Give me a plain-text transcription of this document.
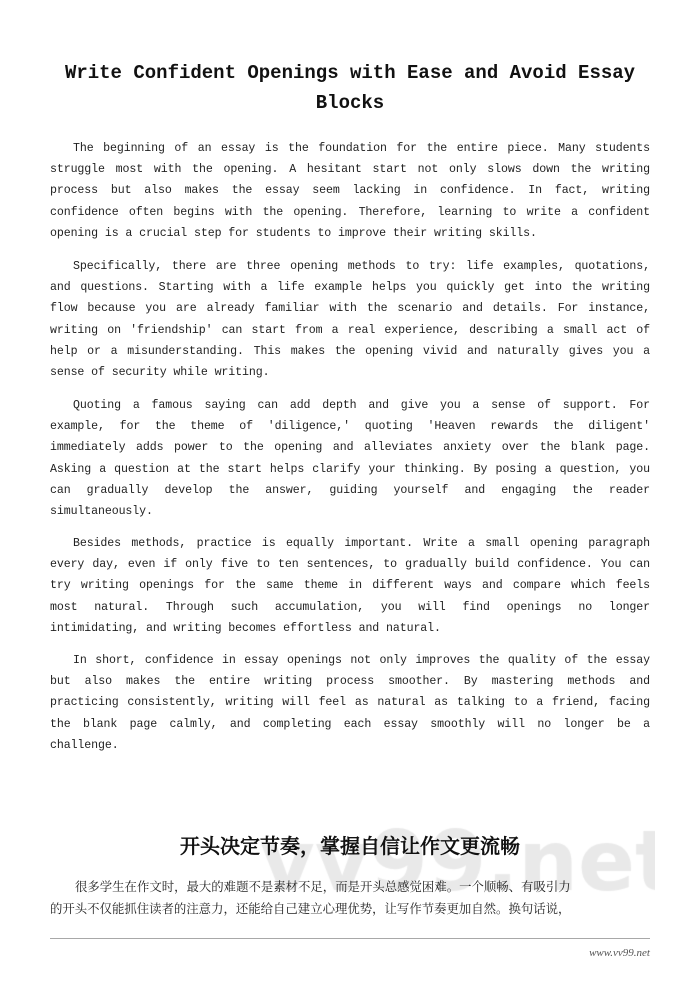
Write Confident Openings with Ease and Avoid Essay
Blocks
The beginning of an essay is the foundation for the entire piece. Many students
struggle most with the opening. A hesitant start not only slows down the writing
process but also makes the essay seem lacking in confidence. In fact, writing
confidence often begins with the opening. Therefore, learning to write a confident
opening is a crucial step for students to improve their writing skills.
Specifically, there are three opening methods to try: life examples, quotations,
and questions. Starting with a life example helps you quickly get into the writing
flow because you are already familiar with the scenario and details. For instance,
writing on 'friendship' can start from a real experience, describing a small act of
help or a misunderstanding. This makes the opening vivid and naturally gives you a
sense of security while writing.
Quoting a famous saying can add depth and give you a sense of support. For
example, for the theme of 'diligence,' quoting 'Heaven rewards the diligent'
immediately adds power to the opening and alleviates anxiety over the blank page.
Asking a question at the start helps clarify your thinking. By posing a question, you
can gradually develop the answer, guiding yourself and engaging the reader
simultaneously.
Besides methods, practice is equally important. Write a small opening paragraph
every day, even if only five to ten sentences, to gradually build confidence. You can
try writing openings for the same theme in different ways and compare which feels
most natural. Through such accumulation, you will find openings no longer
intimidating, and writing becomes effortless and natural.
In short, confidence in essay openings not only improves the quality of the essay
but also makes the entire writing process smoother. By mastering methods and
practicing consistently, writing will feel as natural as talking to a friend, facing
the blank page calmly, and completing each essay smoothly will no longer be a
challenge.
开头决定节奏，掌握自信让作文更流畅
很多学生在作文时，最大的难题不是素材不足，而是开头总感觉困难。一个顺畅、有吸引力
的开头不仅能抓住读者的注意力，还能给自己建立心理优势，让写作节奏更加自然。换句话说，
www.vv99.net
